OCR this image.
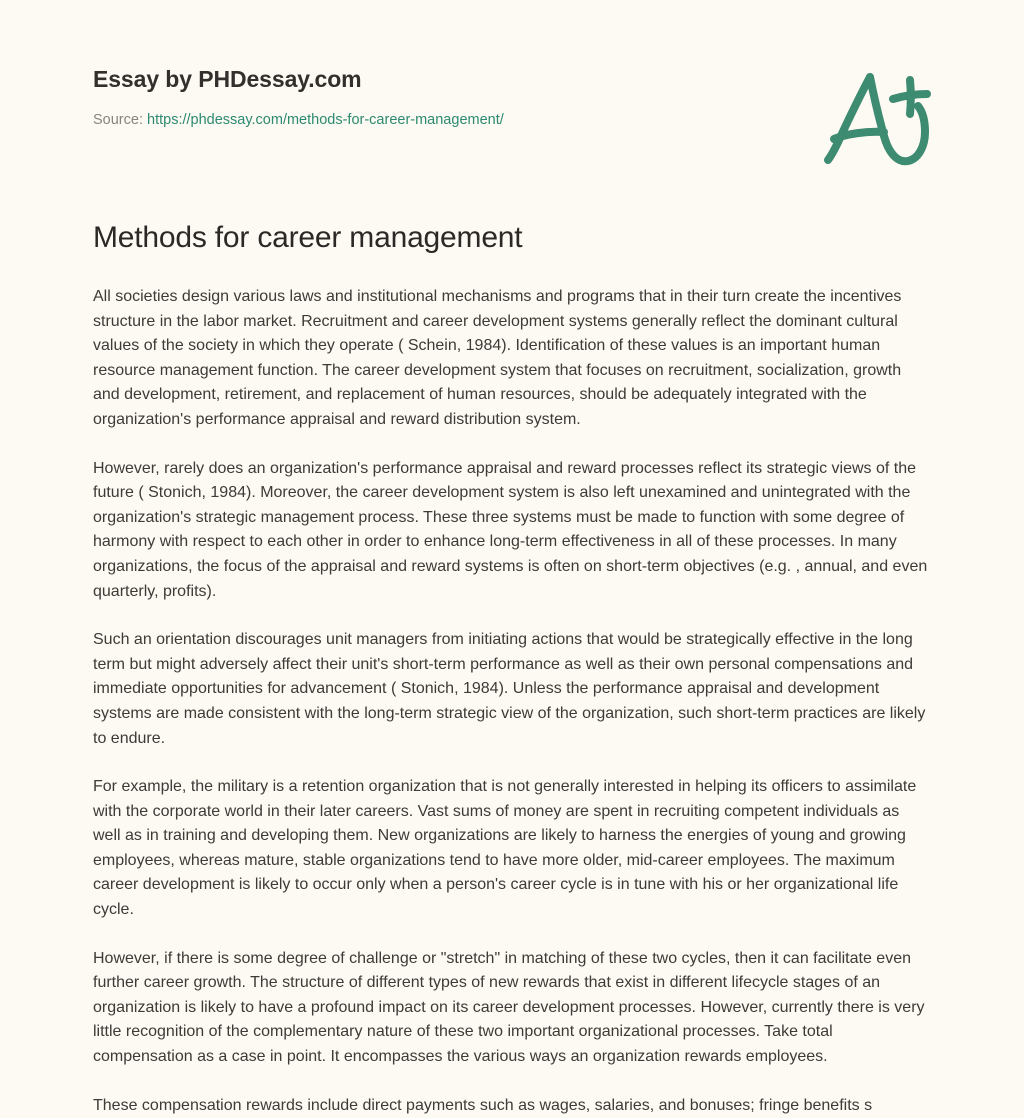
Essay by PHDessay.com
Source: https://phdessay.com/methods-for-career-management/
Methods for career management

All societies design various laws and institutional mechanisms and programs that in their turn create the incentives structure in the labor market. Recruitment and career development systems generally reflect the dominant cultural values of the society in which they operate ( Schein, 1984). Identification of these values is an important human resource management function. The career development system that focuses on recruitment, socialization, growth and development, retirement, and replacement of human resources, should be adequately integrated with the organization's performance appraisal and reward distribution system.

However, rarely does an organization's performance appraisal and reward processes reflect its strategic views of the future ( Stonich, 1984). Moreover, the career development system is also left unexamined and unintegrated with the organization's strategic management process. These three systems must be made to function with some degree of harmony with respect to each other in order to enhance long-term effectiveness in all of these processes. In many organizations, the focus of the appraisal and reward systems is often on short-term objectives (e.g. , annual, and even quarterly, profits).

Such an orientation discourages unit managers from initiating actions that would be strategically effective in the long term but might adversely affect their unit's short-term performance as well as their own personal compensations and immediate opportunities for advancement ( Stonich, 1984). Unless the performance appraisal and development systems are made consistent with the long-term strategic view of the organization, such short-term practices are likely to endure.

For example, the military is a retention organization that is not generally interested in helping its officers to assimilate with the corporate world in their later careers. Vast sums of money are spent in recruiting competent individuals as well as in training and developing them. New organizations are likely to harness the energies of young and growing employees, whereas mature, stable organizations tend to have more older, mid-career employees. The maximum career development is likely to occur only when a person's career cycle is in tune with his or her organizational life cycle.

However, if there is some degree of challenge or "stretch" in matching of these two cycles, then it can facilitate even further career growth. The structure of different types of new rewards that exist in different lifecycle stages of an organization is likely to have a profound impact on its career development processes. However, currently there is very little recognition of the complementary nature of these two important organizational processes. Take total compensation as a case in point. It encompasses the various ways an organization rewards employees.

These compensation rewards include direct payments such as wages, salaries, and bonuses; fringe benefits s
